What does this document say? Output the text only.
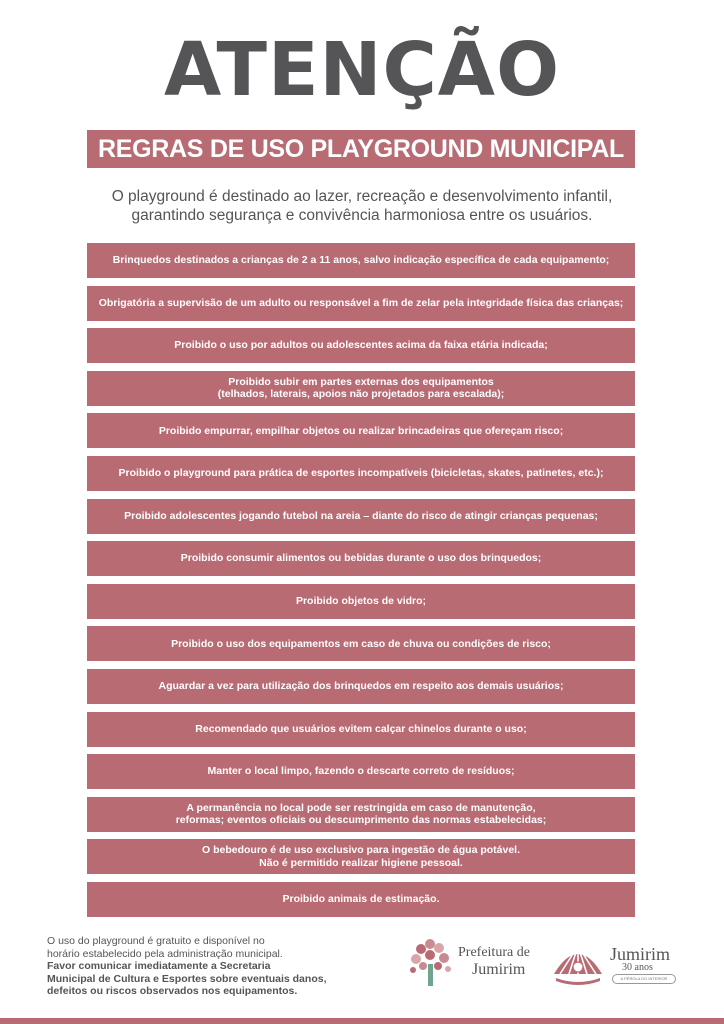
ATENÇÃO
REGRAS DE USO PLAYGROUND MUNICIPAL
O playground é destinado ao lazer, recreação e desenvolvimento infantil,
garantindo segurança e convivência harmoniosa entre os usuários.
Brinquedos destinados a crianças de 2 a 11 anos, salvo indicação específica de cada equipamento;
Obrigatória a supervisão de um adulto ou responsável a fim de zelar pela integridade física das crianças;
Proibido o uso por adultos ou adolescentes acima da faixa etária indicada;
Proibido subir em partes externas dos equipamentos
(telhados, laterais, apoios não projetados para escalada);
Proibido empurrar, empilhar objetos ou realizar brincadeiras que ofereçam risco;
Proibido o playground para prática de esportes incompatíveis (bicicletas, skates, patinetes, etc.);
Proibido adolescentes jogando futebol na areia – diante do risco de atingir crianças pequenas;
Proibido consumir alimentos ou bebidas durante o uso dos brinquedos;
Proibido objetos de vidro;
Proibido o uso dos equipamentos em caso de chuva ou condições de risco;
Aguardar a vez para utilização dos brinquedos em respeito aos demais usuários;
Recomendado que usuários evitem calçar chinelos durante o uso;
Manter o local limpo, fazendo o descarte correto de resíduos;
A permanência no local pode ser restringida em caso de manutenção,
reformas; eventos oficiais ou descumprimento das normas estabelecidas;
O bebedouro é de uso exclusivo para ingestão de água potável.
Não é permitido realizar higiene pessoal.
Proibido animais de estimação.
O uso do playground é gratuito e disponível no
horário estabelecido pela administração municipal.
Favor comunicar imediatamente a Secretaria
Municipal de Cultura e Esportes sobre eventuais danos,
defeitos ou riscos observados nos equipamentos.
Prefeitura de
Jumirim
Jumirim
30 anos
A PÉROLA DO INTERIOR
